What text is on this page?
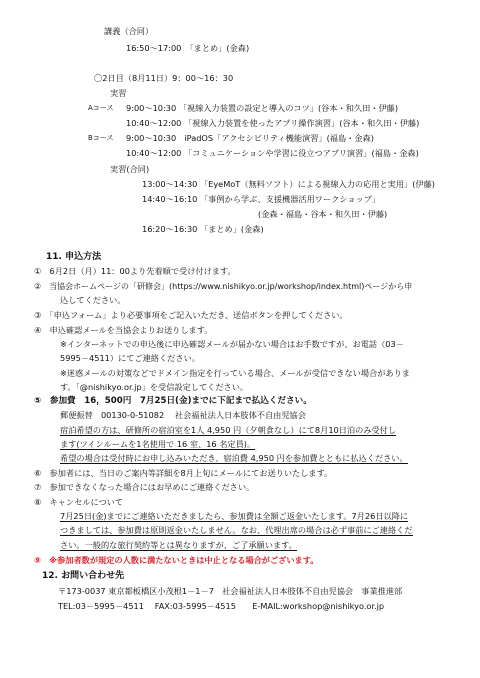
講義（合同）
16:50～17:00　「まとめ」(金森)
〇2日目（8月11日）9：00～16：30
実習
Aコース 9:00～10:30 「視線入力装置の設定と導入のコツ」(谷本・和久田・伊藤)
10:40～12:00 「視線入力装置を使ったアプリ操作演習」(谷本・和久田・伊藤)
Bコース 9:00～10:30　iPadOS「アクセシビリティ機能演習」(福島・金森)
10:40～12:00 「コミュニケーションや学習に役立つアプリ演習」(福島・金森)
実習(合同)
13:00～14:30 「EyeMoT（無料ソフト）による視線入力の応用と実用」(伊藤)
14:40～16:10 「事例から学ぶ、支援機器活用ワークショップ」
(金森・福島・谷本・和久田・伊藤)
16:20～16:30 「まとめ」(金森)
11. 申込方法
①　6月2日（月）11：00より先着順で受け付けます。
②　当協会ホームページの「研修会」(https://www.nishikyo.or.jp/workshop/index.html)ページから申
込してください。
③　「申込フォーム」より必要事項をご記入いただき、送信ボタンを押してください。
④　申込確認メールを当協会よりお送りします。
※インターネットでの申込後に申込確認メールが届かない場合はお手数ですが、お電話（03－
5995－4511）にてご連絡ください。
※迷惑メールの対策などでドメイン指定を行っている場合、メールが受信できない場合がありま
す。「@nishikyo.or.jp」を受信設定してください。
⑤　参加費　16，500円　7月25日(金)までに下記まで払込ください。
郵便振替　00130-0-51082　 社会福祉法人日本肢体不自由児協会
宿泊希望の方は、研修所の宿泊室を1人 4,950 円（夕朝食なし）にて8月10日泊のみ受付し
ます(ツインルームを1名使用で 16 室、16 名定員)。
希望の場合は受付時にお申し込みいただき、宿泊費 4,950 円を参加費とともに払込ください。
⑥　参加者には、当日のご案内等詳細を8月上旬にメールにてお送りいたします。
⑦　参加できなくなった場合にはお早めにご連絡ください。
⑧　キャンセルについて
7月25日(金)までにご連絡いただきましたら、参加費は全額ご返金いたします。7月26日以降に
つきましては、参加費は原則返金いたしません。なお、代理出席の場合は必ず事前にご連絡くだ
さい。一般的な旅行契約等とは異なりますが、ご了承願います。
⑨　※参加者数が規定の人数に満たないときは中止となる場合がございます。
12. お問い合わせ先
〒173-0037 東京都板橋区小茂根1－1－7　社会福祉法人日本肢体不自由児協会　事業推進部
TEL:03－5995－4511　 FAX:03-5995－4515　　E-MAIL:workshop@nishikyo.or.jp
